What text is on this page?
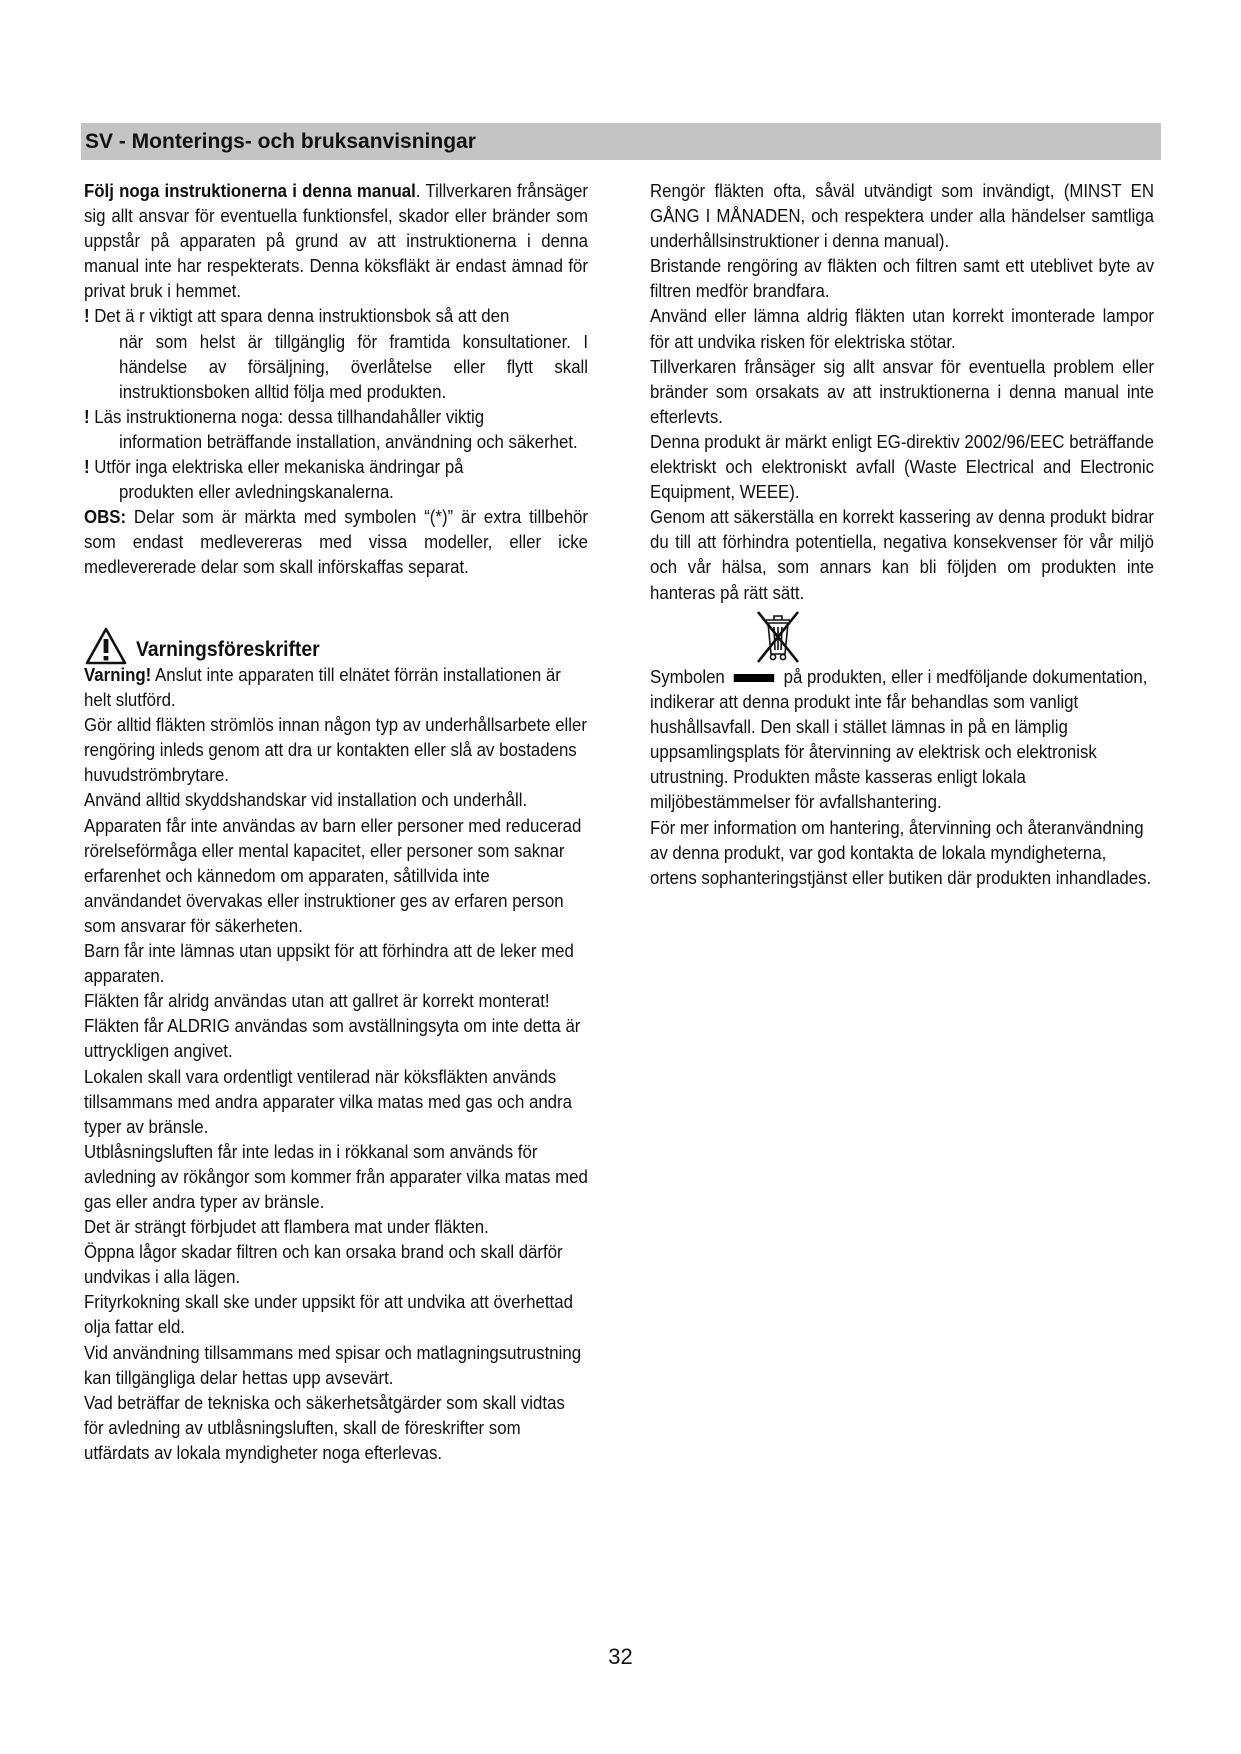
SV - Monterings- och bruksanvisningar

Följ noga instruktionerna i denna manual. Tillverkaren frånsäger sig allt ansvar för eventuella funktionsfel, skador eller bränder som uppstår på apparaten på grund av att instruktionerna i denna manual inte har respekterats. Denna köksfläkt är endast ämnad för privat bruk i hemmet.

! Det ä r viktigt att spara denna instruktionsbok så att den
när som helst är tillgänglig för framtida konsultationer. I händelse av försäljning, överlåtelse eller flytt skall instruktionsboken alltid följa med produkten.

! Läs instruktionerna noga: dessa tillhandahåller viktig
information beträffande installation, användning och säkerhet.

! Utför inga elektriska eller mekaniska ändringar på
produkten eller avledningskanalerna.

OBS: Delar som är märkta med symbolen “(*)” är extra tillbehör som endast medlevereras med vissa modeller, eller icke medlevererade delar som skall införskaffas separat.

Varningsföreskrifter

Varning! Anslut inte apparaten till elnätet förrän installationen är helt slutförd.

Gör alltid fläkten strömlös innan någon typ av underhållsarbete eller rengöring inleds genom att dra ur kontakten eller slå av bostadens huvudströmbrytare.

Använd alltid skyddshandskar vid installation och underhåll.

Apparaten får inte användas av barn eller personer med reducerad rörelseförmåga eller mental kapacitet, eller personer som saknar erfarenhet och kännedom om apparaten, såtillvida inte användandet övervakas eller instruktioner ges av erfaren person som ansvarar för säkerheten.

Barn får inte lämnas utan uppsikt för att förhindra att de leker med apparaten.

Fläkten får alridg användas utan att gallret är korrekt monterat!

Fläkten får ALDRIG användas som avställningsyta om inte detta är uttryckligen angivet.

Lokalen skall vara ordentligt ventilerad när köksfläkten används tillsammans med andra apparater vilka matas med gas och andra typer av bränsle.

Utblåsningsluften får inte ledas in i rökkanal som används för avledning av rökångor som kommer från apparater vilka matas med gas eller andra typer av bränsle.

Det är strängt förbjudet att flambera mat under fläkten.

Öppna lågor skadar filtren och kan orsaka brand och skall därför undvikas i alla lägen.

Frityrkokning skall ske under uppsikt för att undvika att överhettad olja fattar eld.

Vid användning tillsammans med spisar och matlagningsutrustning kan tillgängliga delar hettas upp avsevärt.

Vad beträffar de tekniska och säkerhetsåtgärder som skall vidtas för avledning av utblåsningsluften, skall de föreskrifter som utfärdats av lokala myndigheter noga efterlevas.

Rengör fläkten ofta, såväl utvändigt som invändigt, (MINST EN GÅNG I MÅNADEN, och respektera under alla händelser samtliga underhållsinstruktioner i denna manual).

Bristande rengöring av fläkten och filtren samt ett uteblivet byte av filtren medför brandfara.

Använd eller lämna aldrig fläkten utan korrekt imonterade lampor för att undvika risken för elektriska stötar.

Tillverkaren frånsäger sig allt ansvar för eventuella problem eller bränder som orsakats av att instruktionerna i denna manual inte efterlevts.

Denna produkt är märkt enligt EG-direktiv 2002/96/EEC beträffande elektriskt och elektroniskt avfall (Waste Electrical and Electronic Equipment, WEEE).

Genom att säkerställa en korrekt kassering av denna produkt bidrar du till att förhindra potentiella, negativa konsekvenser för vår miljö och vår hälsa, som annars kan bli följden om produkten inte hanteras på rätt sätt.

Symbolen	på produkten, eller i medföljande dokumentation, indikerar att denna produkt inte får behandlas som vanligt hushållsavfall. Den skall i stället lämnas in på en lämplig uppsamlingsplats för återvinning av elektrisk och elektronisk utrustning. Produkten måste kasseras enligt lokala miljöbestämmelser för avfallshantering.

För mer information om hantering, återvinning och återanvändning av denna produkt, var god kontakta de lokala myndigheterna, ortens sophanteringstjänst eller butiken där produkten inhandlades.

32
